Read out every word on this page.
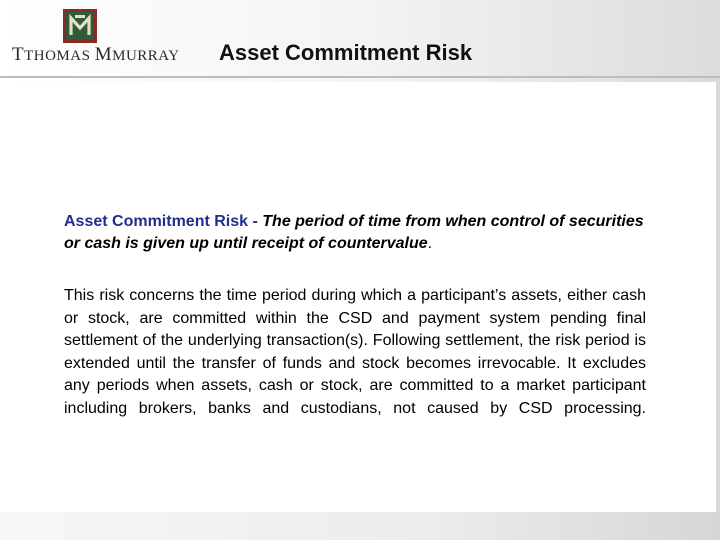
TTHOMAS MMURRAY Asset Commitment Risk
Asset Commitment Risk - The period of time from when control of securities or cash is given up until receipt of countervalue.
This risk concerns the time period during which a participant’s assets, either cash or stock, are committed within the CSD and payment system pending final settlement of the underlying transaction(s). Following settlement, the risk period is extended until the transfer of funds and stock becomes irrevocable. It excludes any periods when assets, cash or stock, are committed to a market participant including brokers, banks and custodians, not caused by CSD processing.
